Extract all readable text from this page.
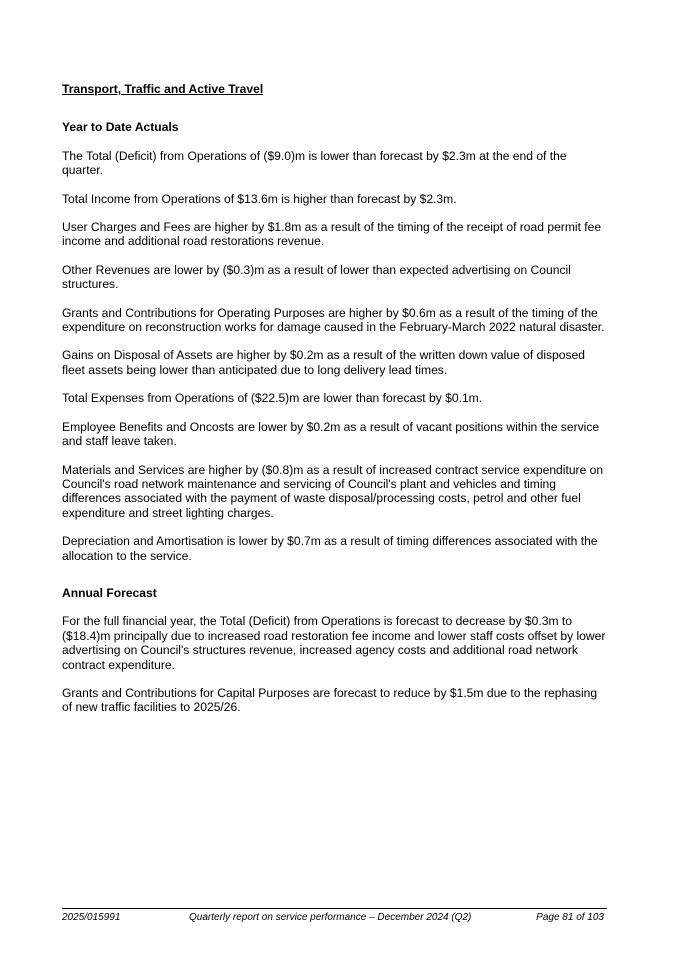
Transport, Traffic and Active Travel

Year to Date Actuals

The Total (Deficit) from Operations of ($9.0)m is lower than forecast by $2.3m at the end of the quarter.

Total Income from Operations of $13.6m is higher than forecast by $2.3m.

User Charges and Fees are higher by $1.8m as a result of the timing of the receipt of road permit fee income and additional road restorations revenue.

Other Revenues are lower by ($0.3)m as a result of lower than expected advertising on Council structures.

Grants and Contributions for Operating Purposes are higher by $0.6m as a result of the timing of the expenditure on reconstruction works for damage caused in the February-March 2022 natural disaster.

Gains on Disposal of Assets are higher by $0.2m as a result of the written down value of disposed fleet assets being lower than anticipated due to long delivery lead times.

Total Expenses from Operations of ($22.5)m are lower than forecast by $0.1m.

Employee Benefits and Oncosts are lower by $0.2m as a result of vacant positions within the service and staff leave taken.

Materials and Services are higher by ($0.8)m as a result of increased contract service expenditure on Council's road network maintenance and servicing of Council's plant and vehicles and timing differences associated with the payment of waste disposal/processing costs, petrol and other fuel expenditure and street lighting charges.

Depreciation and Amortisation is lower by $0.7m as a result of timing differences associated with the allocation to the service.

Annual Forecast

For the full financial year, the Total (Deficit) from Operations is forecast to decrease by $0.3m to ($18.4)m principally due to increased road restoration fee income and lower staff costs offset by lower advertising on Council's structures revenue, increased agency costs and additional road network contract expenditure.

Grants and Contributions for Capital Purposes are forecast to reduce by $1.5m due to the rephasing of new traffic facilities to 2025/26.

2025/015991	Quarterly report on service performance – December 2024 (Q2)	Page 81 of 103
